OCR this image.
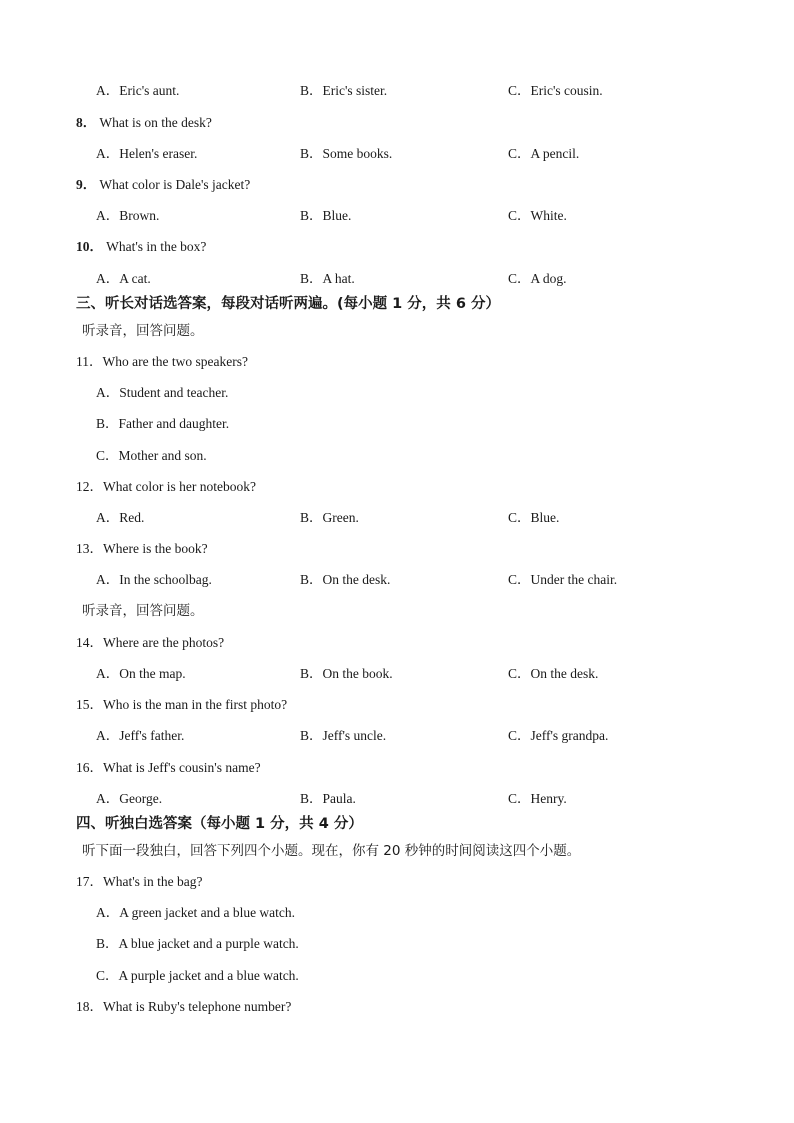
A．Eric's aunt.	B．Eric's sister.	C．Eric's cousin.
8． What is on the desk?
A．Helen's eraser.	B．Some books.	C．A pencil.
9． What color is Dale's jacket?
A．Brown.	B．Blue.	C．White.
10． What's in the box?
A．A cat.	B．A hat.	C．A dog.
三、听长对话选答案，每段对话听两遍。(每小题 1 分，共 6 分）
听录音，回答问题。
11．Who are the two speakers?
A．Student and teacher.
B．Father and daughter.
C．Mother and son.
12．What color is her notebook?
A．Red.	B．Green.	C．Blue.
13．Where is the book?
A．In the schoolbag.	B．On the desk.	C．Under the chair.
听录音，回答问题。
14．Where are the photos?
A．On the map.	B．On the book.	C．On the desk.
15．Who is the man in the first photo?
A．Jeff's father.	B．Jeff's uncle.	C．Jeff's grandpa.
16．What is Jeff's cousin's name?
A．George.	B．Paula.	C．Henry.
四、听独白选答案（每小题 1 分，共 4 分）
听下面一段独白，回答下列四个小题。现在，你有 20 秒钟的时间阅读这四个小题。
17．What's in the bag?
A．A green jacket and a blue watch.
B．A blue jacket and a purple watch.
C．A purple jacket and a blue watch.
18．What is Ruby's telephone number?
